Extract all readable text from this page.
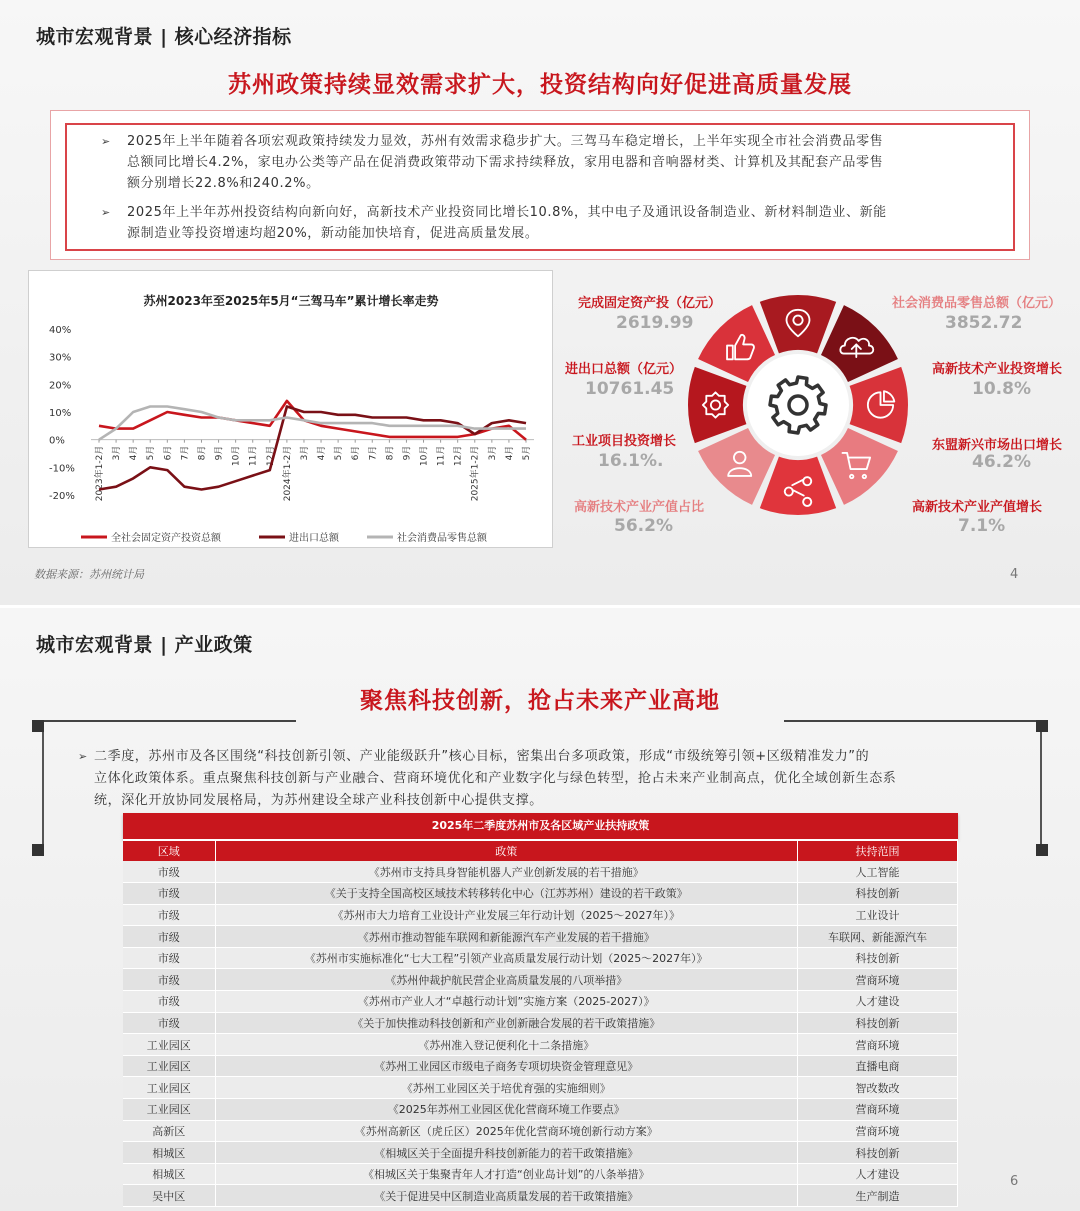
城市宏观背景 | 核心经济指标
苏州政策持续显效需求扩大，投资结构向好促进高质量发展
➢ 2025年上半年随着各项宏观政策持续发力显效，苏州有效需求稳步扩大。三驾马车稳定增长，上半年实现全市社会消费品零售
总额同比增长4.2%，家电办公类等产品在促消费政策带动下需求持续释放，家用电器和音响器材类、计算机及其配套产品零售
额分别增长22.8%和240.2%。
➢ 2025年上半年苏州投资结构向新向好，高新技术产业投资同比增长10.8%，其中电子及通讯设备制造业、新材料制造业、新能
源制造业等投资增速均超20%，新动能加快培育，促进高质量发展。
苏州2023年至2025年5月“三驾马车”累计增长率走势
40%
30%
20%
10%
0%
-10%
-20% 2023年1-2月 3月 4月 5月 6月 7月 8月 9月 10月 11月 12月 2024年1-2月 3月 4月 5月 6月 7月 8月 9月 10月 11月 12月 2025年1-2月 3月 4月 5月
全社会固定资产投资总额	进出口总额	社会消费品零售总额
完成固定资产投（亿元）
2619.99
进出口总额（亿元）
10761.45
工业项目投资增长
16.1%.
高新技术产业产值占比
56.2%
社会消费品零售总额（亿元）
3852.72
高新技术产业投资增长
10.8%
东盟新兴市场出口增长
46.2%
高新技术产业产值增长
7.1%
数据来源：苏州统计局	4
城市宏观背景 | 产业政策
聚焦科技创新，抢占未来产业高地
➢ 二季度，苏州市及各区围绕“科技创新引领、产业能级跃升”核心目标，密集出台多项政策，形成“市级统筹引领+区级精准发力”的
立体化政策体系。重点聚焦科技创新与产业融合、营商环境优化和产业数字化与绿色转型，抢占未来产业制高点，优化全域创新生态系
统，深化开放协同发展格局，为苏州建设全球产业科技创新中心提供支撑。
2025年二季度苏州市及各区域产业扶持政策
区域	政策	扶持范围
市级	《苏州市支持具身智能机器人产业创新发展的若干措施》	人工智能
市级	《关于支持全国高校区域技术转移转化中心（江苏苏州）建设的若干政策》	科技创新
市级	《苏州市大力培育工业设计产业发展三年行动计划（2025～2027年）》	工业设计
市级	《苏州市推动智能车联网和新能源汽车产业发展的若干措施》	车联网、新能源汽车
市级	《苏州市实施标准化“七大工程”引领产业高质量发展行动计划（2025～2027年）》	科技创新
市级	《苏州仲裁护航民营企业高质量发展的八项举措》	营商环境
市级	《苏州市产业人才“卓越行动计划”实施方案（2025-2027）》	人才建设
市级	《关于加快推动科技创新和产业创新融合发展的若干政策措施》	科技创新
工业园区	《苏州准入登记便利化十二条措施》	营商环境
工业园区	《苏州工业园区市级电子商务专项切块资金管理意见》	直播电商
工业园区	《苏州工业园区关于培优育强的实施细则》	智改数改
工业园区	《2025年苏州工业园区优化营商环境工作要点》	营商环境
高新区	《苏州高新区（虎丘区）2025年优化营商环境创新行动方案》	营商环境
相城区	《相城区关于全面提升科技创新能力的若干政策措施》	科技创新
相城区	《相城区关于集聚青年人才打造“创业岛计划”的八条举措》	人才建设
吴中区	《关于促进吴中区制造业高质量发展的若干政策措施》	生产制造
6
